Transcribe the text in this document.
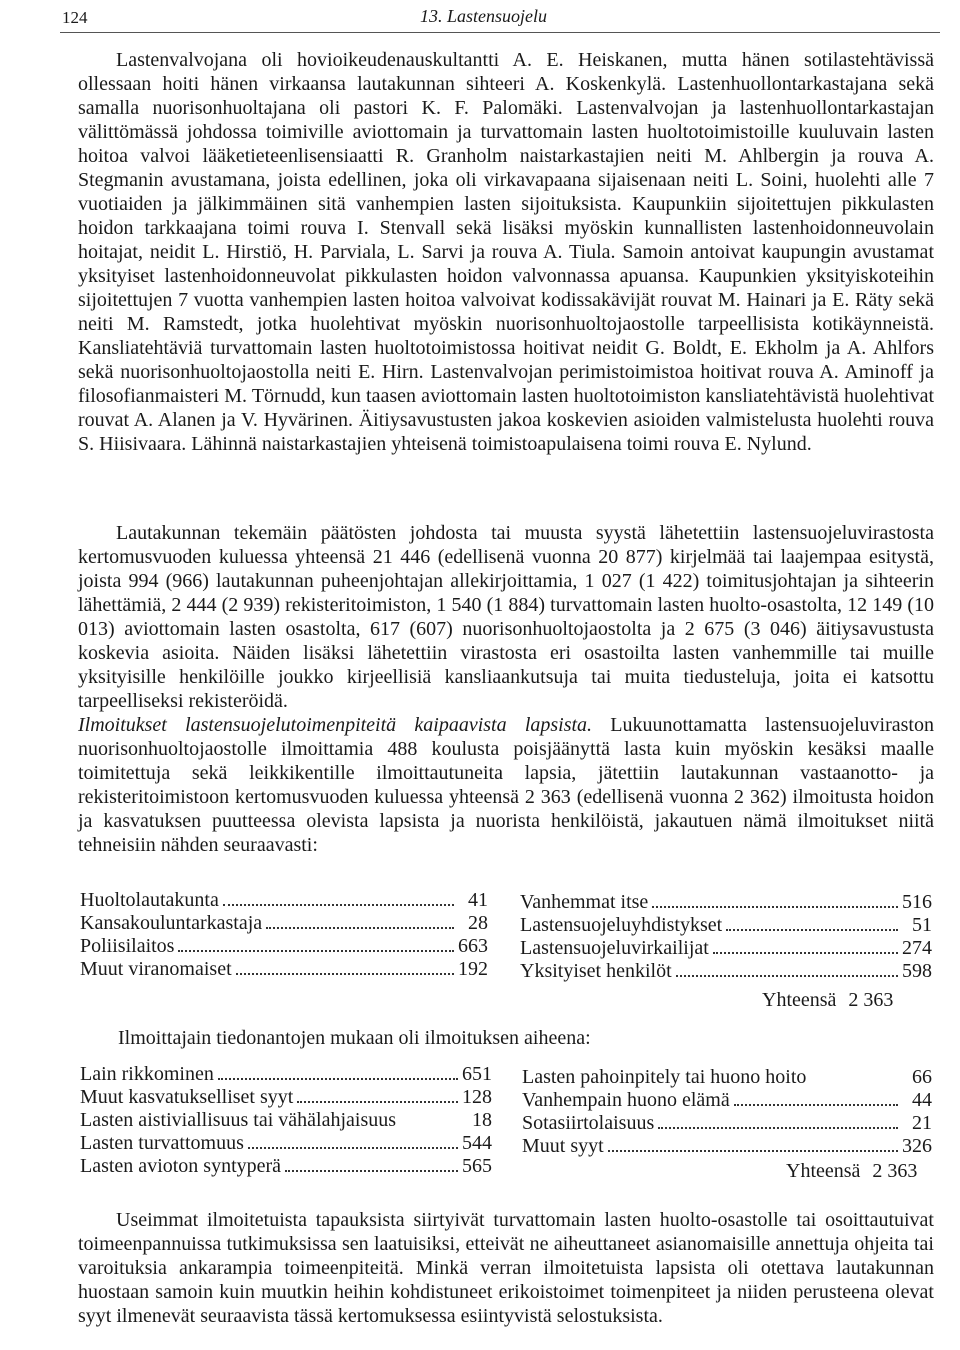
124	13. Lastensuojelu

Lastenvalvojana oli hovioikeudenauskultantti A. E. Heiskanen, mutta hänen sotilastehtävissä ollessaan hoiti hänen virkaansa lautakunnan sihteeri A. Koskenkylä. Lastenhuollontarkastajana sekä samalla nuorisonhuoltajana oli pastori K. F. Palomäki. Lastenvalvojan ja lastenhuollontarkastajan välittömässä johdossa toimiville aviottomain ja turvattomain lasten huoltotoimistoille kuuluvain lasten hoitoa valvoi lääketieteenlisensiaatti R. Granholm naistarkastajien neiti M. Ahlbergin ja rouva A. Stegmanin avustamana, joista edellinen, joka oli virkavapaana sijaisenaan neiti L. Soini, huolehti alle 7 vuotiaiden ja jälkimmäinen sitä vanhempien lasten sijoituksista. Kaupunkiin sijoitettujen pikkulasten hoidon tarkkaajana toimi rouva I. Stenvall sekä lisäksi myöskin kunnallisten lastenhoidonneuvolain hoitajat, neidit L. Hirstiö, H. Parviala, L. Sarvi ja rouva A. Tiula. Samoin antoivat kaupungin avustamat yksityiset lastenhoidonneuvolat pikkulasten hoidon valvonnassa apuansa. Kaupunkien yksityiskoteihin sijoitettujen 7 vuotta vanhempien lasten hoitoa valvoivat kodissakävijät rouvat M. Hainari ja E. Räty sekä neiti M. Ramstedt, jotka huolehtivat myöskin nuorisonhuoltojaostolle tarpeellisista kotikäynneistä. Kansliatehtäviä turvattomain lasten huoltotoimistossa hoitivat neidit G. Boldt, E. Ekholm ja A. Ahlfors sekä nuorisonhuoltojaostolla neiti E. Hirn. Lastenvalvojan perimistoimistoa hoitivat rouva A. Aminoff ja filosofianmaisteri M. Törnudd, kun taasen aviottomain lasten huoltotoimiston kansliatehtävistä huolehtivat rouvat A. Alanen ja V. Hyvärinen. Äitiysavustusten jakoa koskevien asioiden valmistelusta huolehti rouva S. Hiisivaara. Lähinnä naistarkastajien yhteisenä toimistoapulaisena toimi rouva E. Nylund.

Lautakunnan tekemäin päätösten johdosta tai muusta syystä lähetettiin lastensuojeluvirastosta kertomusvuoden kuluessa yhteensä 21 446 (edellisenä vuonna 20 877) kirjelmää tai laajempaa esitystä, joista 994 (966) lautakunnan puheenjohtajan allekirjoittamia, 1 027 (1 422) toimitusjohtajan ja sihteerin lähettämiä, 2 444 (2 939) rekisteritoimiston, 1 540 (1 884) turvattomain lasten huolto-osastolta, 12 149 (10 013) aviottomain lasten osastolta, 617 (607) nuorisonhuoltojaostolta ja 2 675 (3 046) äitiysavustusta koskevia asioita. Näiden lisäksi lähetettiin virastosta eri osastoilta lasten vanhemmille tai muille yksityisille henkilöille joukko kirjeellisiä kansliaankutsuja tai muita tiedusteluja, joita ei katsottu tarpeelliseksi rekisteröidä.
Ilmoitukset lastensuojelutoimenpiteitä kaipaavista lapsista. Lukuunottamatta lastensuojeluviraston nuorisonhuoltojaostolle ilmoittamia 488 koulusta poisjäänyttä lasta kuin myöskin kesäksi maalle toimitettuja sekä leikkikentille ilmoittautuneita lapsia, jätettiin lautakunnan vastaanotto- ja rekisteritoimistoon kertomusvuoden kuluessa yhteensä 2 363 (edellisenä vuonna 2 362) ilmoitusta hoidon ja kasvatuksen puutteessa olevista lapsista ja nuorista henkilöistä, jakautuen nämä ilmoitukset niitä tehneisiin nähden seuraavasti:

Huoltolautakunta	41
Kansakouluntarkastaja	28
Poliisilaitos	663
Muut viranomaiset	192
Vanhemmat itse	516
Lastensuojeluyhdistykset	51
Lastensuojeluvirkailijat	274
Yksityiset henkilöt	598
Yhteensä 2 363
Ilmoittajain tiedonantojen mukaan oli ilmoituksen aiheena:
Lain rikkominen	651
Muut kasvatukselliset syyt	128
Lasten aistiviallisuus tai vähälahjaisuus	18
Lasten turvattomuus	544
Lasten avioton syntyperä	565
Lasten pahoinpitely tai huono hoito	66
Vanhempain huono elämä	44
Sotasiirtolaisuus	21
Muut syyt	326
Yhteensä 2 363

Useimmat ilmoitetuista tapauksista siirtyivät turvattomain lasten huolto-osastolle tai osoittautuivat toimeenpannuissa tutkimuksissa sen laatuisiksi, etteivät ne aiheuttaneet asianomaisille annettuja ohjeita tai varoituksia ankarampia toimeenpiteitä. Minkä verran ilmoitetuista lapsista oli otettava lautakunnan huostaan samoin kuin muutkin heihin kohdistuneet erikoistoimet toimenpiteet ja niiden perusteena olevat syyt ilmenevät seuraavista tässä kertomuksessa esiintyvistä selostuksista.
